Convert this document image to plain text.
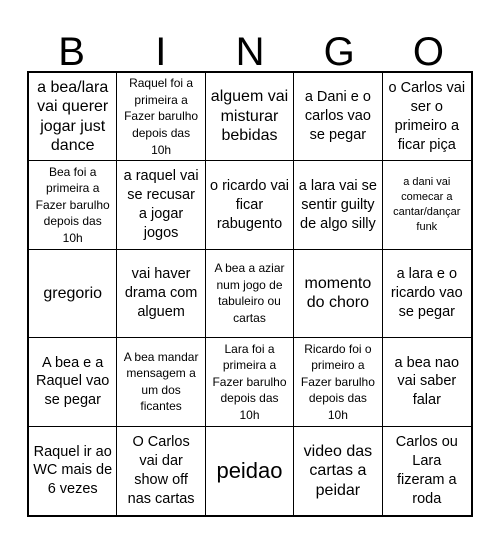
B	I	N	G	O
a bea/lara vai querer jogar just dance
Raquel foi a primeira a Fazer barulho depois das 10h
alguem vai misturar bebidas
a Dani e o carlos vao se pegar
o Carlos vai ser o primeiro a ficar piça
Bea foi a primeira a Fazer barulho depois das 10h
a raquel vai se recusar a jogar jogos
o ricardo vai ficar rabugento
a lara vai se sentir guilty de algo silly
a dani vai comecar a cantar/dançar funk
gregorio
vai haver drama com alguem
A bea a aziar num jogo de tabuleiro ou cartas
momento do choro
a lara e o ricardo vao se pegar
A bea e a Raquel vao se pegar
A bea mandar mensagem a um dos ficantes
Lara foi a primeira a Fazer barulho depois das 10h
Ricardo foi o primeiro a Fazer barulho depois das 10h
a bea nao vai saber falar
Raquel ir ao WC mais de 6 vezes
O Carlos vai dar show off nas cartas
peidao
video das cartas a peidar
Carlos ou Lara fizeram a roda
